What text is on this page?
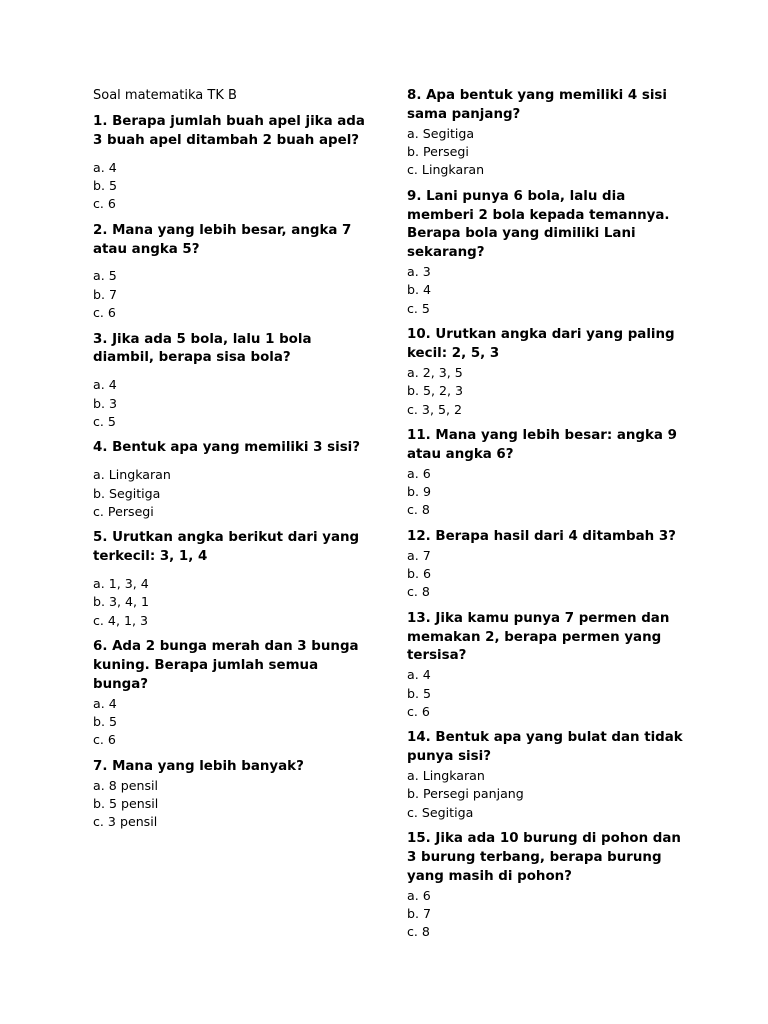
Soal matematika TK B
1. Berapa jumlah buah apel jika ada 3 buah apel ditambah 2 buah apel?
a. 4
b. 5
c. 6
2. Mana yang lebih besar, angka 7 atau angka 5?
a. 5
b. 7
c. 6
3. Jika ada 5 bola, lalu 1 bola diambil, berapa sisa bola?
a. 4
b. 3
c. 5
4. Bentuk apa yang memiliki 3 sisi?
a. Lingkaran
b. Segitiga
c. Persegi
5. Urutkan angka berikut dari yang terkecil: 3, 1, 4
a. 1, 3, 4
b. 3, 4, 1
c. 4, 1, 3
6. Ada 2 bunga merah dan 3 bunga kuning. Berapa jumlah semua bunga?
a. 4
b. 5
c. 6
7. Mana yang lebih banyak?
a. 8 pensil
b. 5 pensil
c. 3 pensil
8. Apa bentuk yang memiliki 4 sisi sama panjang?
a. Segitiga
b. Persegi
c. Lingkaran
9. Lani punya 6 bola, lalu dia memberi 2 bola kepada temannya. Berapa bola yang dimiliki Lani sekarang?
a. 3
b. 4
c. 5
10. Urutkan angka dari yang paling kecil: 2, 5, 3
a. 2, 3, 5
b. 5, 2, 3
c. 3, 5, 2
11. Mana yang lebih besar: angka 9 atau angka 6?
a. 6
b. 9
c. 8
12. Berapa hasil dari 4 ditambah 3?
a. 7
b. 6
c. 8
13. Jika kamu punya 7 permen dan memakan 2, berapa permen yang tersisa?
a. 4
b. 5
c. 6
14. Bentuk apa yang bulat dan tidak punya sisi?
a. Lingkaran
b. Persegi panjang
c. Segitiga
15. Jika ada 10 burung di pohon dan 3 burung terbang, berapa burung yang masih di pohon?
a. 6
b. 7
c. 8
